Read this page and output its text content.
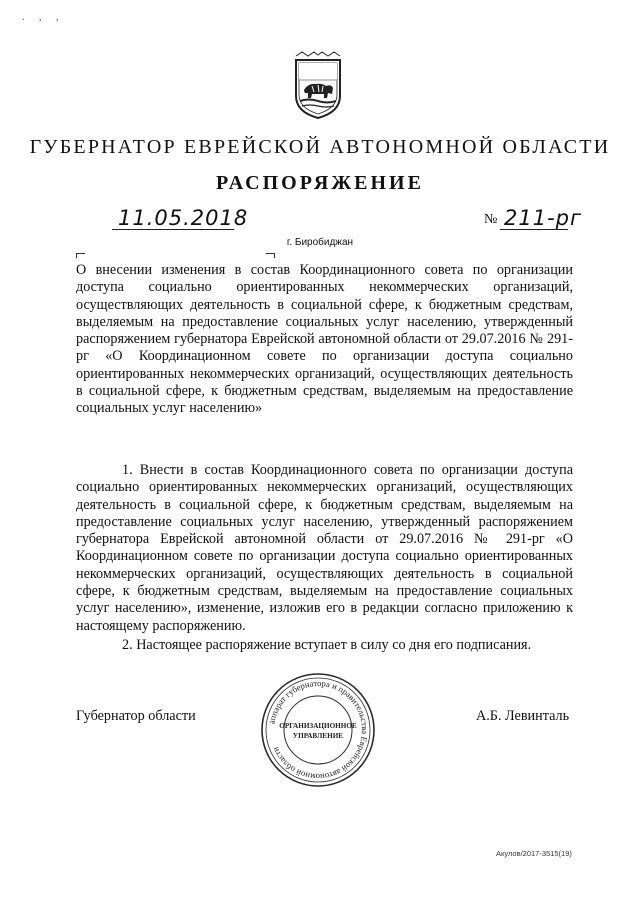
. , ,
ГУБЕРНАТОР ЕВРЕЙСКОЙ АВТОНОМНОЙ ОБЛАСТИ
РАСПОРЯЖЕНИЕ
11.05.2018	№ 211-рг
г. Биробиджан
О внесении изменения в состав Координационного совета по организации доступа социально ориентированных некоммерческих организаций, осуществляющих деятельность в социальной сфере, к бюджетным средствам, выделяемым на предоставление социальных услуг населению, утвержденный распоряжением губернатора Еврейской автономной области от 29.07.2016 № 291-рг «О Координационном совете по организации доступа социально ориентированных некоммерческих организаций, осуществляющих деятельность в социальной сфере, к бюджетным средствам, выделяемым на предоставление социальных услуг населению»
1. Внести в состав Координационного совета по организации доступа социально ориентированных некоммерческих организаций, осуществляющих деятельность в социальной сфере, к бюджетным средствам, выделяемым на предоставление социальных услуг населению, утвержденный распоряжением губернатора Еврейской автономной области от 29.07.2016 № 291-рг «О Координационном совете по организации доступа социально ориентированных некоммерческих организаций, осуществляющих деятельность в социальной сфере, к бюджетным средствам, выделяемым на предоставление социальных услуг населению», изменение, изложив его в редакции согласно приложению к настоящему распоряжению.
2. Настоящее распоряжение вступает в силу со дня его подписания.
Губернатор области	А.Б. Левинталь
аппарат губернатора и правительства Еврейской автономной области
ОРГАНИЗАЦИОННОЕ
УПРАВЛЕНИЕ
Акулов/2017-3515(19)
